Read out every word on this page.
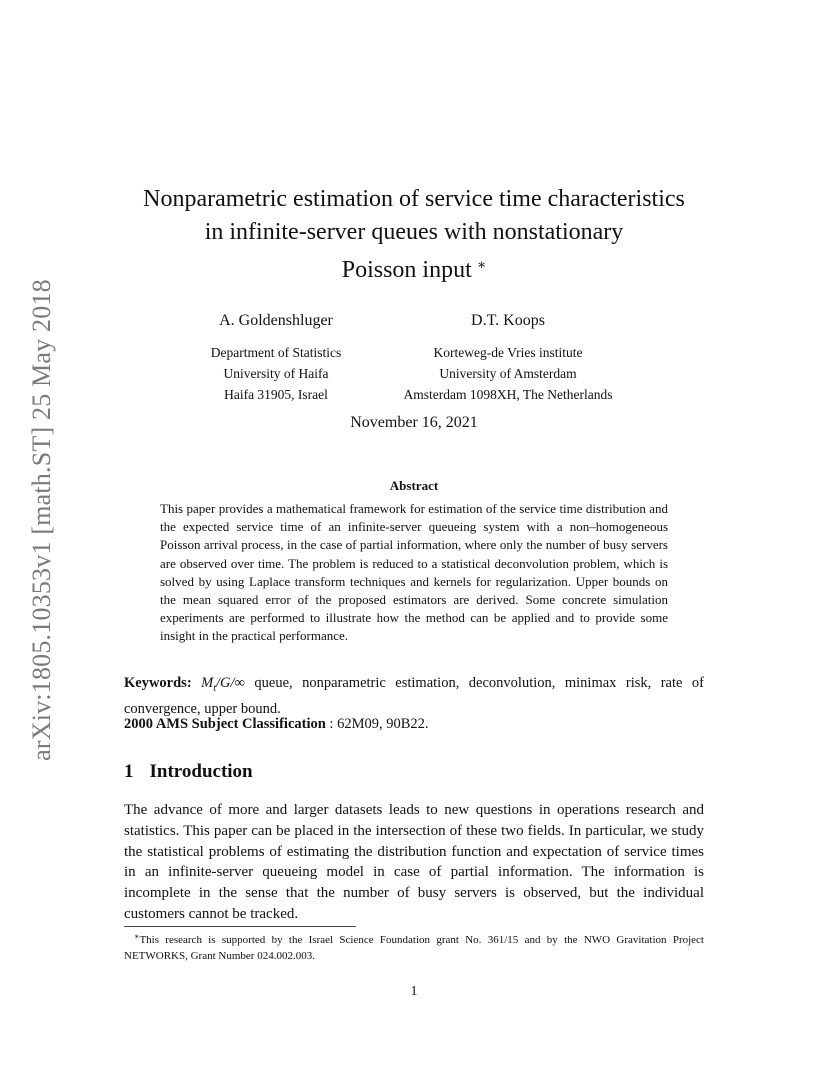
arXiv:1805.10353v1 [math.ST] 25 May 2018
Nonparametric estimation of service time characteristics
in infinite-server queues with nonstationary
Poisson input ∗
A. Goldenshluger
Department of Statistics
University of Haifa
Haifa 31905, Israel
D.T. Koops
Korteweg-de Vries institute
University of Amsterdam
Amsterdam 1098XH, The Netherlands
November 16, 2021
Abstract
This paper provides a mathematical framework for estimation of the service time distribution and the expected service time of an infinite-server queueing system with a non–homogeneous Poisson arrival process, in the case of partial information, where only the number of busy servers are observed over time. The problem is reduced to a statistical deconvolution problem, which is solved by using Laplace transform techniques and kernels for regularization. Upper bounds on the mean squared error of the proposed estimators are derived. Some concrete simulation experiments are performed to illustrate how the method can be applied and to provide some insight in the practical performance.
Keywords: $M_t/G/\infty$ queue, nonparametric estimation, deconvolution, minimax risk, rate of convergence, upper bound.
2000 AMS Subject Classification : 62M09, 90B22.
1 Introduction
The advance of more and larger datasets leads to new questions in operations research and statistics. This paper can be placed in the intersection of these two fields. In particular, we study the statistical problems of estimating the distribution function and expectation of service times in an infinite-server queueing model in case of partial information. The information is incomplete in the sense that the number of busy servers is observed, but the individual customers cannot be tracked.
∗This research is supported by the Israel Science Foundation grant No. 361/15 and by the NWO Gravitation Project NETWORKS, Grant Number 024.002.003.
1
